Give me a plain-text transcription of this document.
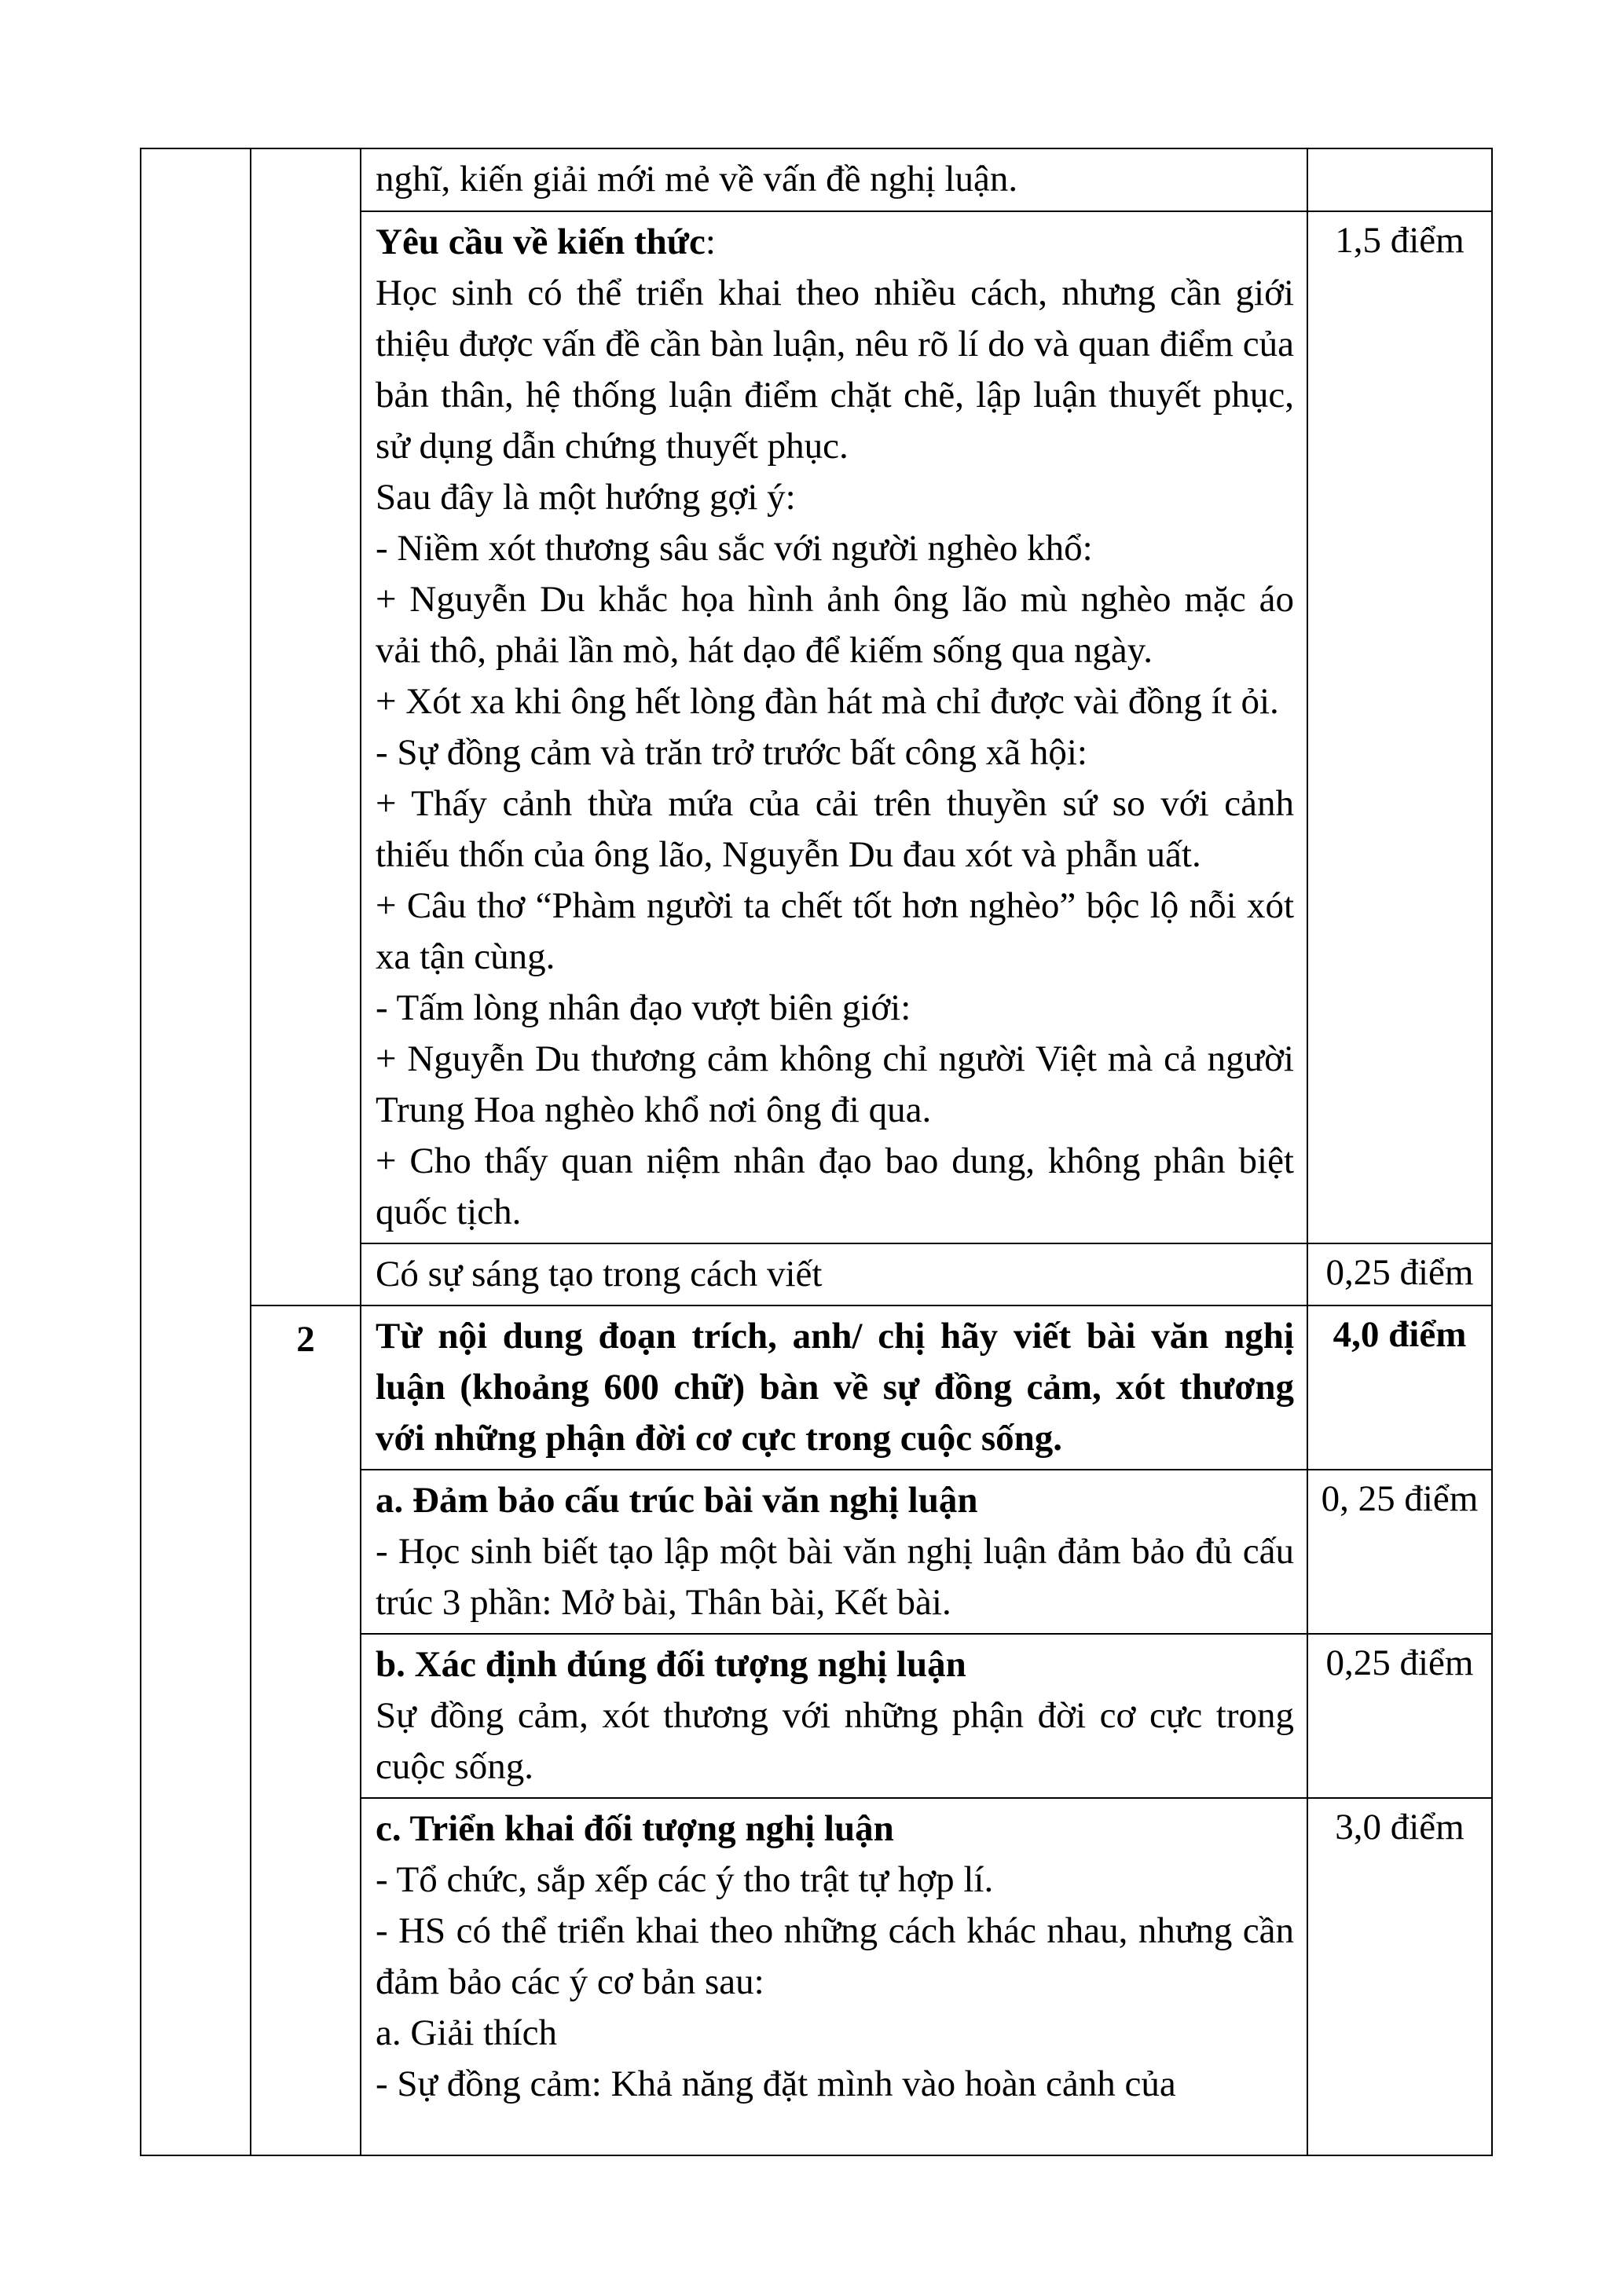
		nghĩ, kiến giải mới mẻ về vấn đề nghị luận.	

Yêu cầu về kiến thức:

Học sinh có thể triển khai theo nhiều cách, nhưng cần giới thiệu được vấn đề cần bàn luận, nêu rõ lí do và quan điểm của bản thân, hệ thống luận điểm chặt chẽ, lập luận thuyết phục, sử dụng dẫn chứng thuyết phục.

Sau đây là một hướng gợi ý:

- Niềm xót thương sâu sắc với người nghèo khổ:

+ Nguyễn Du khắc họa hình ảnh ông lão mù nghèo mặc áo vải thô, phải lần mò, hát dạo để kiếm sống qua ngày.

+ Xót xa khi ông hết lòng đàn hát mà chỉ được vài đồng ít ỏi.

- Sự đồng cảm và trăn trở trước bất công xã hội:

+ Thấy cảnh thừa mứa của cải trên thuyền sứ so với cảnh thiếu thốn của ông lão, Nguyễn Du đau xót và phẫn uất.

+ Câu thơ “Phàm người ta chết tốt hơn nghèo” bộc lộ nỗi xót xa tận cùng.

- Tấm lòng nhân đạo vượt biên giới:

+ Nguyễn Du thương cảm không chỉ người Việt mà cả người Trung Hoa nghèo khổ nơi ông đi qua.

+ Cho thấy quan niệm nhân đạo bao dung, không phân biệt quốc tịch.

	1,5 điểm

		Có sự sáng tạo trong cách viết	0,25 điểm
	2	Từ nội dung đoạn trích, anh/ chị hãy viết bài văn nghị luận (khoảng 600 chữ) bàn về sự đồng cảm, xót thương với những phận đời cơ cực trong cuộc sống.	4,0 điểm

		a. Đảm bảo cấu trúc bài văn nghị luận

- Học sinh biết tạo lập một bài văn nghị luận đảm bảo đủ cấu trúc 3 phần: Mở bài, Thân bài, Kết bài.	0, 25 điểm

		b. Xác định đúng đối tượng nghị luận

Sự đồng cảm, xót thương với những phận đời cơ cực trong cuộc sống.	0,25 điểm

		c. Triển khai đối tượng nghị luận

- Tổ chức, sắp xếp các ý tho trật tự hợp lí.

- HS có thể triển khai theo những cách khác nhau, nhưng cần đảm bảo các ý cơ bản sau:

a. Giải thích

- Sự đồng cảm: Khả năng đặt mình vào hoàn cảnh của	3,0 điểm
